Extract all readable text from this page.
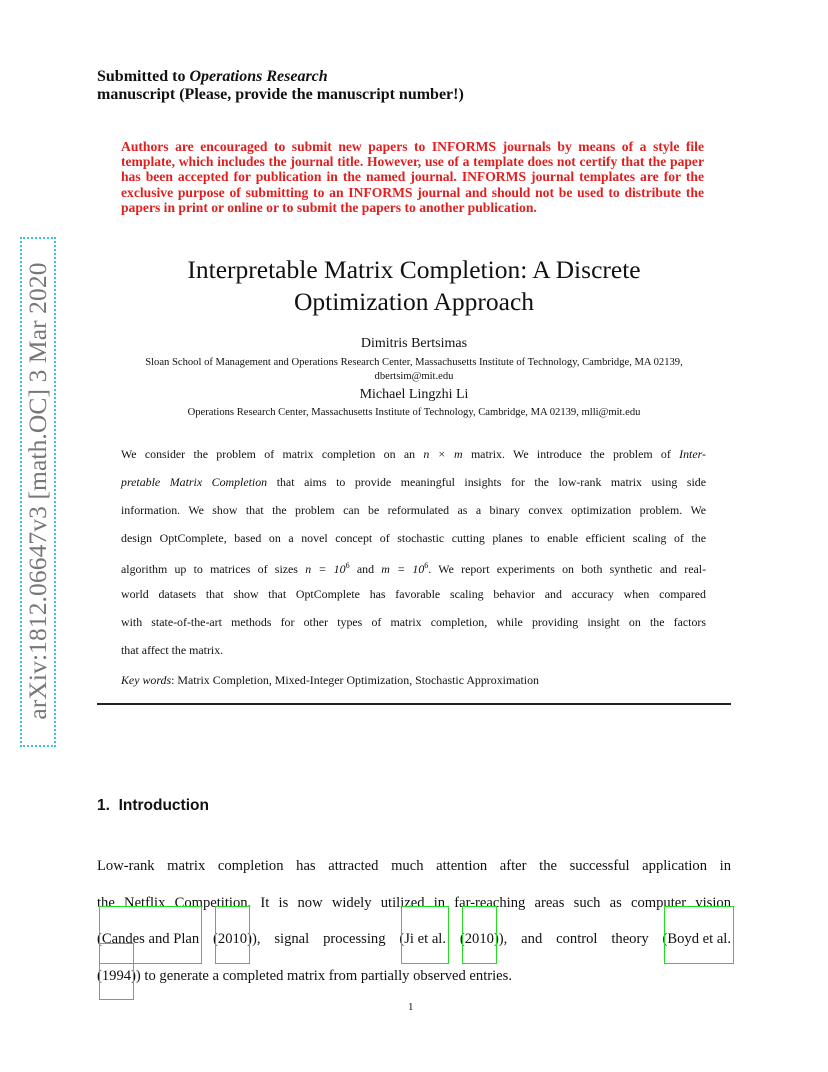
arXiv:1812.06647v3 [math.OC] 3 Mar 2020
Submitted to Operations Research
manuscript (Please, provide the manuscript number!)
Authors are encouraged to submit new papers to INFORMS journals by means of a style file template, which includes the journal title. However, use of a template does not certify that the paper has been accepted for publication in the named journal. INFORMS journal templates are for the exclusive purpose of submitting to an INFORMS journal and should not be used to distribute the papers in print or online or to submit the papers to another publication.
Interpretable Matrix Completion: A Discrete
Optimization Approach
Dimitris Bertsimas
Sloan School of Management and Operations Research Center, Massachusetts Institute of Technology, Cambridge, MA 02139,
dbertsim@mit.edu
Michael Lingzhi Li
Operations Research Center, Massachusetts Institute of Technology, Cambridge, MA 02139, mlli@mit.edu
We consider the problem of matrix completion on an n × m matrix. We introduce the problem of Inter-
pretable Matrix Completion that aims to provide meaningful insights for the low-rank matrix using side
information. We show that the problem can be reformulated as a binary convex optimization problem. We
design OptComplete, based on a novel concept of stochastic cutting planes to enable efficient scaling of the
algorithm up to matrices of sizes $n = 10^6$ and $m = 10^6$. We report experiments on both synthetic and real-
world datasets that show that OptComplete has favorable scaling behavior and accuracy when compared
with state-of-the-art methods for other types of matrix completion, while providing insight on the factors
that affect the matrix.
Key words: Matrix Completion, Mixed-Integer Optimization, Stochastic Approximation
1. Introduction
Low-rank matrix completion has attracted much attention after the successful application in
the Netflix Competition. It is now widely utilized in far-reaching areas such as computer vision
(Candes and Plan (2010)), signal processing (Ji et al. (2010)), and control theory (Boyd et al.
(1994)) to generate a completed matrix from partially observed entries.
1
